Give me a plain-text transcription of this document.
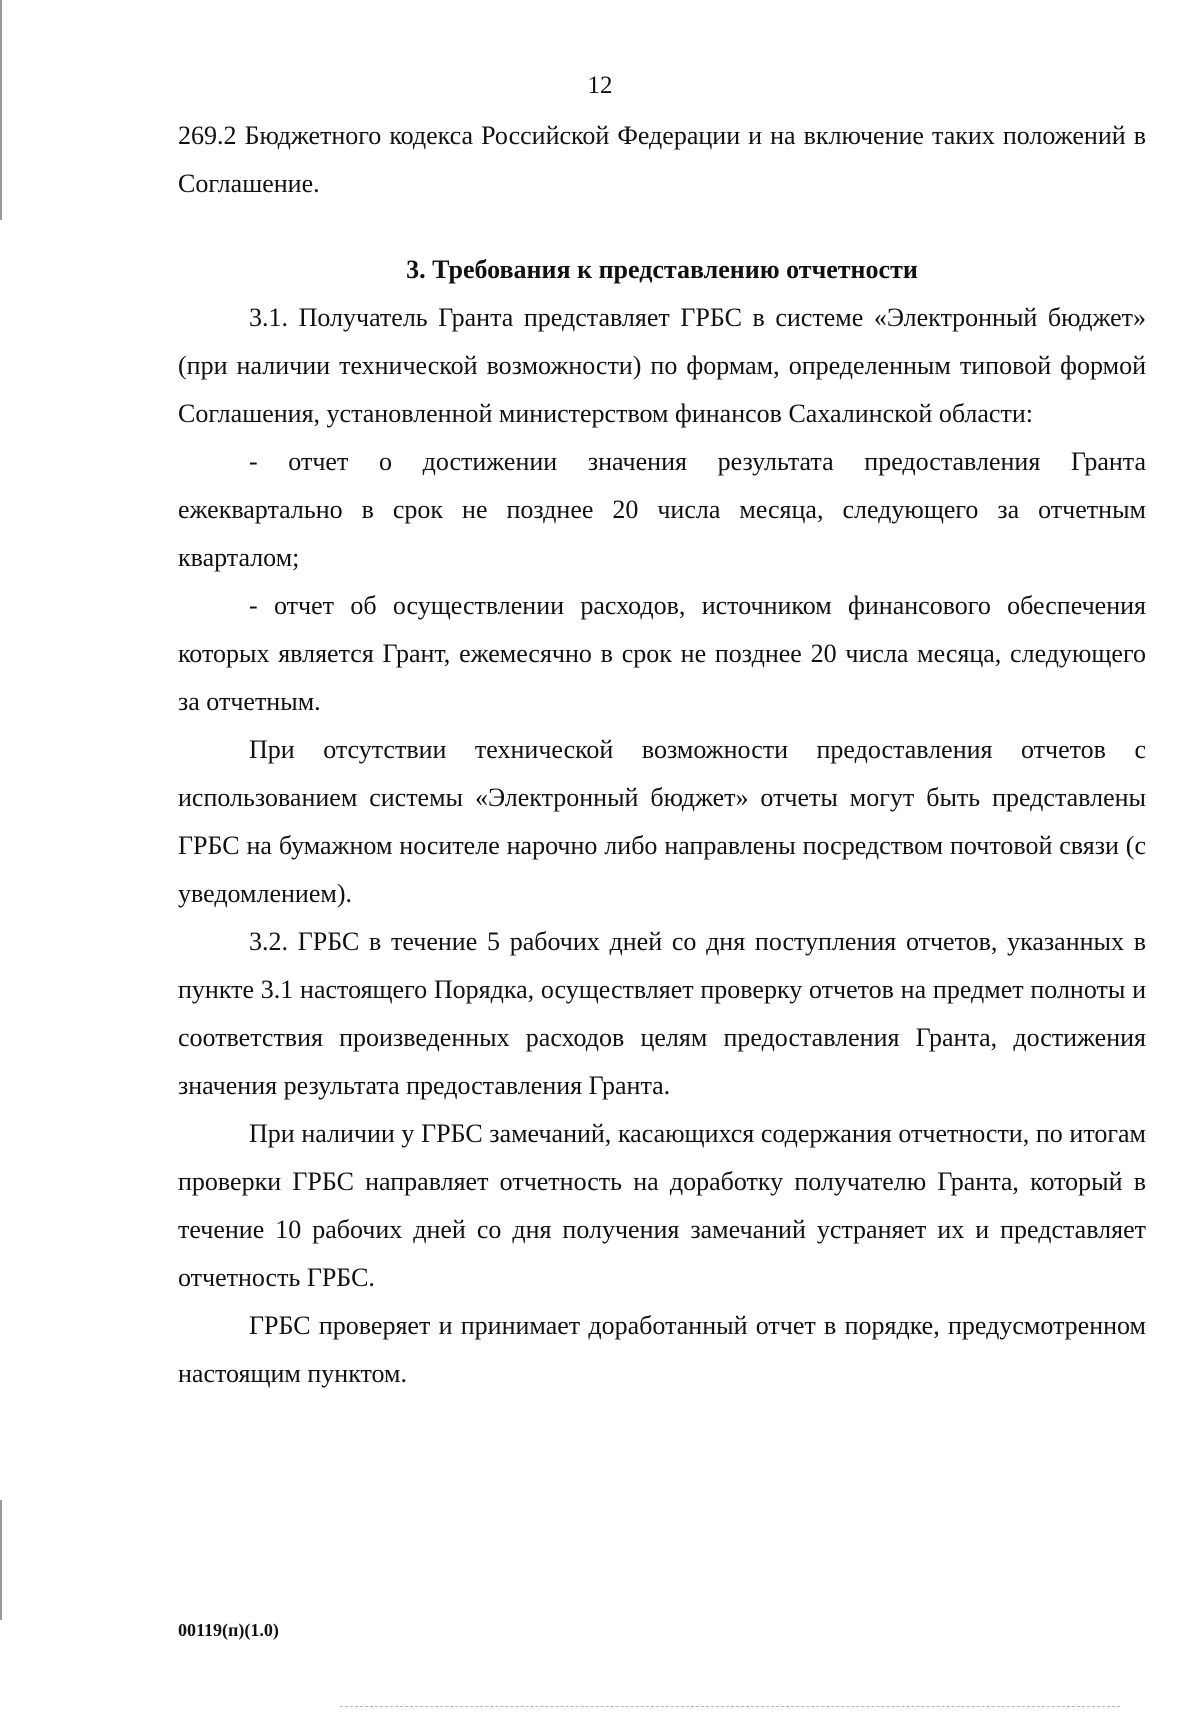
12

269.2 Бюджетного кодекса Российской Федерации и на включение таких положений в Соглашение.

3. Требования к представлению отчетности

3.1. Получатель Гранта представляет ГРБС в системе «Электронный бюджет» (при наличии технической возможности) по формам, определенным типовой формой Соглашения, установленной министерством финансов Сахалинской области:

- отчет о достижении значения результата предоставления Гранта ежеквартально в срок не позднее 20 числа месяца, следующего за отчетным кварталом;

- отчет об осуществлении расходов, источником финансового обеспечения которых является Грант, ежемесячно в срок не позднее 20 числа месяца, следующего за отчетным.

При отсутствии технической возможности предоставления отчетов с использованием системы «Электронный бюджет» отчеты могут быть представлены ГРБС на бумажном носителе нарочно либо направлены посредством почтовой связи (с уведомлением).

3.2. ГРБС в течение 5 рабочих дней со дня поступления отчетов, указанных в пункте 3.1 настоящего Порядка, осуществляет проверку отчетов на предмет полноты и соответствия произведенных расходов целям предоставления Гранта, достижения значения результата предоставления Гранта.

При наличии у ГРБС замечаний, касающихся содержания отчетности, по итогам проверки ГРБС направляет отчетность на доработку получателю Гранта, который в течение 10 рабочих дней со дня получения замечаний устраняет их и представляет отчетность ГРБС.

ГРБС проверяет и принимает доработанный отчет в порядке, предусмотренном настоящим пунктом.

00119(п)(1.0)
